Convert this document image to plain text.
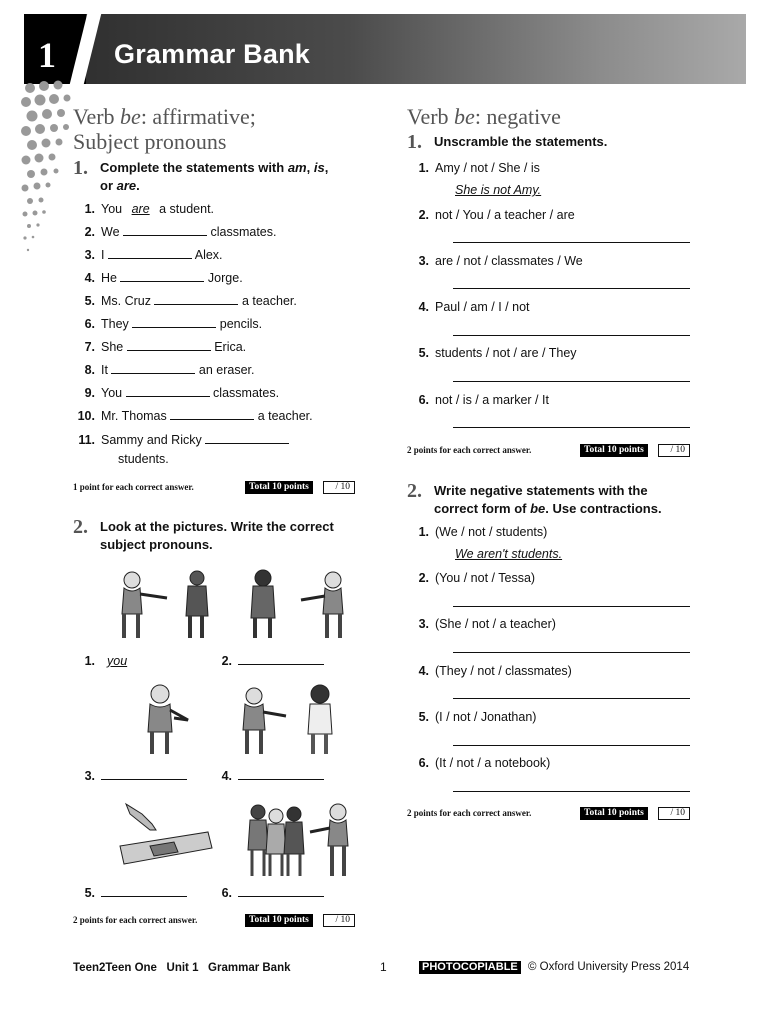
1 Grammar Bank
Verb be: affirmative;
Subject pronouns
1. Complete the statements with am, is,
or are.
1. You are a student.
2. We	classmates.
3. I	Alex.
4. He	Jorge.
5. Ms. Cruz	a teacher.
6. They	pencils.
7. She	Erica.
8. It	an eraser.
9. You	classmates.
10. Mr. Thomas	a teacher.
11. Sammy and Ricky
students.
1 point for each correct answer.	Total 10 points	/ 10
2. Look at the pictures. Write the correct
subject pronouns.
1. you	2.
3.	4.
5.	6.
2 points for each correct answer.	Total 10 points	/ 10
Verb be: negative
1. Unscramble the statements.
1. Amy / not / She / is
She is not Amy.
2. not / You / a teacher / are
3. are / not / classmates / We
4. Paul / am / I / not
5. students / not / are / They
6. not / is / a marker / It
2 points for each correct answer.	Total 10 points	/ 10
2. Write negative statements with the
correct form of be. Use contractions.
1. (We / not / students)
We aren't students.
2. (You / not / Tessa)
3. (She / not / a teacher)
4. (They / not / classmates)
5. (I / not / Jonathan)
6. (It / not / a notebook)
2 points for each correct answer.	Total 10 points	/ 10
Teen2Teen One   Unit 1   Grammar Bank	1	PHOTOCOPIABLE © Oxford University Press 2014
